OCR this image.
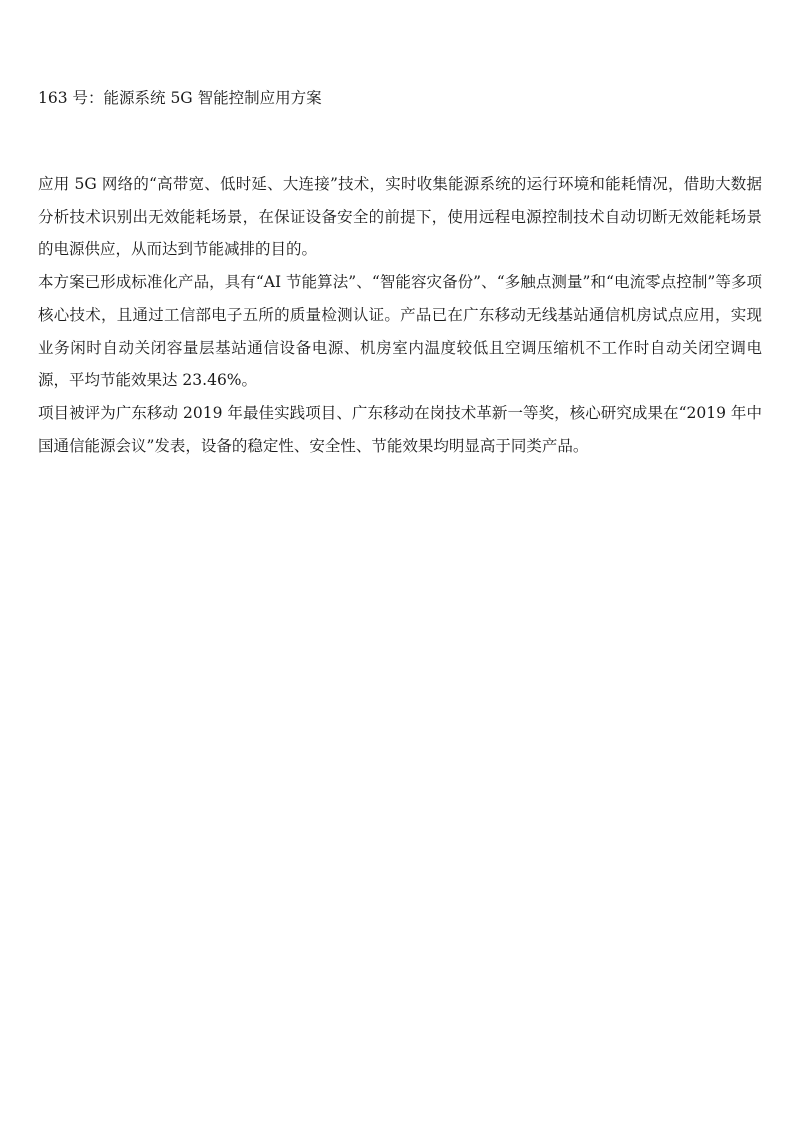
163 号：能源系统 5G 智能控制应用方案

应用 5G 网络的“高带宽、低时延、大连接”技术，实时收集能源系统的运行环境和能耗情况，借助大数据分析技术识别出无效能耗场景，在保证设备安全的前提下，使用远程电源控制技术自动切断无效能耗场景的电源供应，从而达到节能减排的目的。

本方案已形成标准化产品，具有“AI 节能算法”、“智能容灾备份”、“多触点测量”和“电流零点控制”等多项核心技术，且通过工信部电子五所的质量检测认证。产品已在广东移动无线基站通信机房试点应用，实现业务闲时自动关闭容量层基站通信设备电源、机房室内温度较低且空调压缩机不工作时自动关闭空调电源，平均节能效果达 23.46%。

项目被评为广东移动 2019 年最佳实践项目、广东移动在岗技术革新一等奖，核心研究成果在“2019 年中国通信能源会议”发表，设备的稳定性、安全性、节能效果均明显高于同类产品。
